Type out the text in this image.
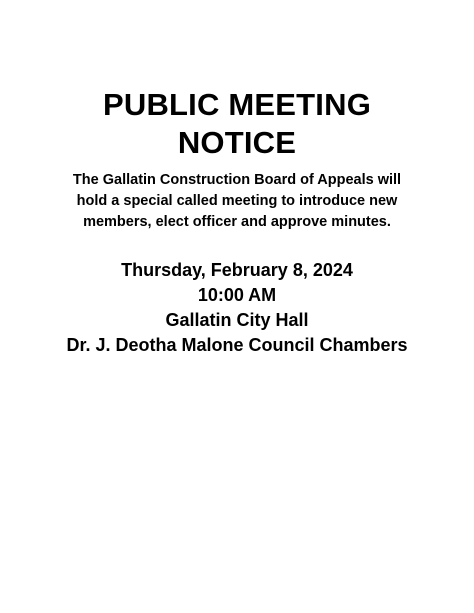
PUBLIC MEETING
NOTICE
The Gallatin Construction Board of Appeals will
hold a special called meeting to introduce new
members, elect officer and approve minutes.
Thursday, February 8, 2024
10:00 AM
Gallatin City Hall
Dr. J. Deotha Malone Council Chambers
